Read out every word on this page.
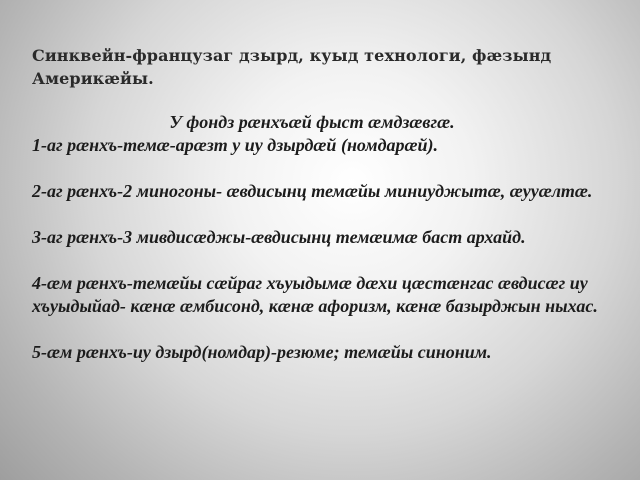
Синквейн-французаг дзырд, куыд технологи, фæзынд Америкæйы.

У фондз рæнхъæй фыст æмдзæвгæ.

1-аг рæнхъ-темæ-арæзт у иу дзырдæй (номдарæй).

2-аг рæнхъ-2 миногоны- æвдисынц темæйы миниуджытæ, æууæлтæ.

3-аг рæнхъ-3 мивдисæджы-æвдисынц темæимæ баст архайд.

4-æм рæнхъ-темæйы сæйраг хъуыдымæ дæхи цæстæнгас æвдисæг иу хъуыдыйад- кæнæ æмбисонд, кæнæ афоризм, кæнæ базырджын ныхас.

5-æм рæнхъ-иу дзырд(номдар)-резюме; темæйы синоним.
